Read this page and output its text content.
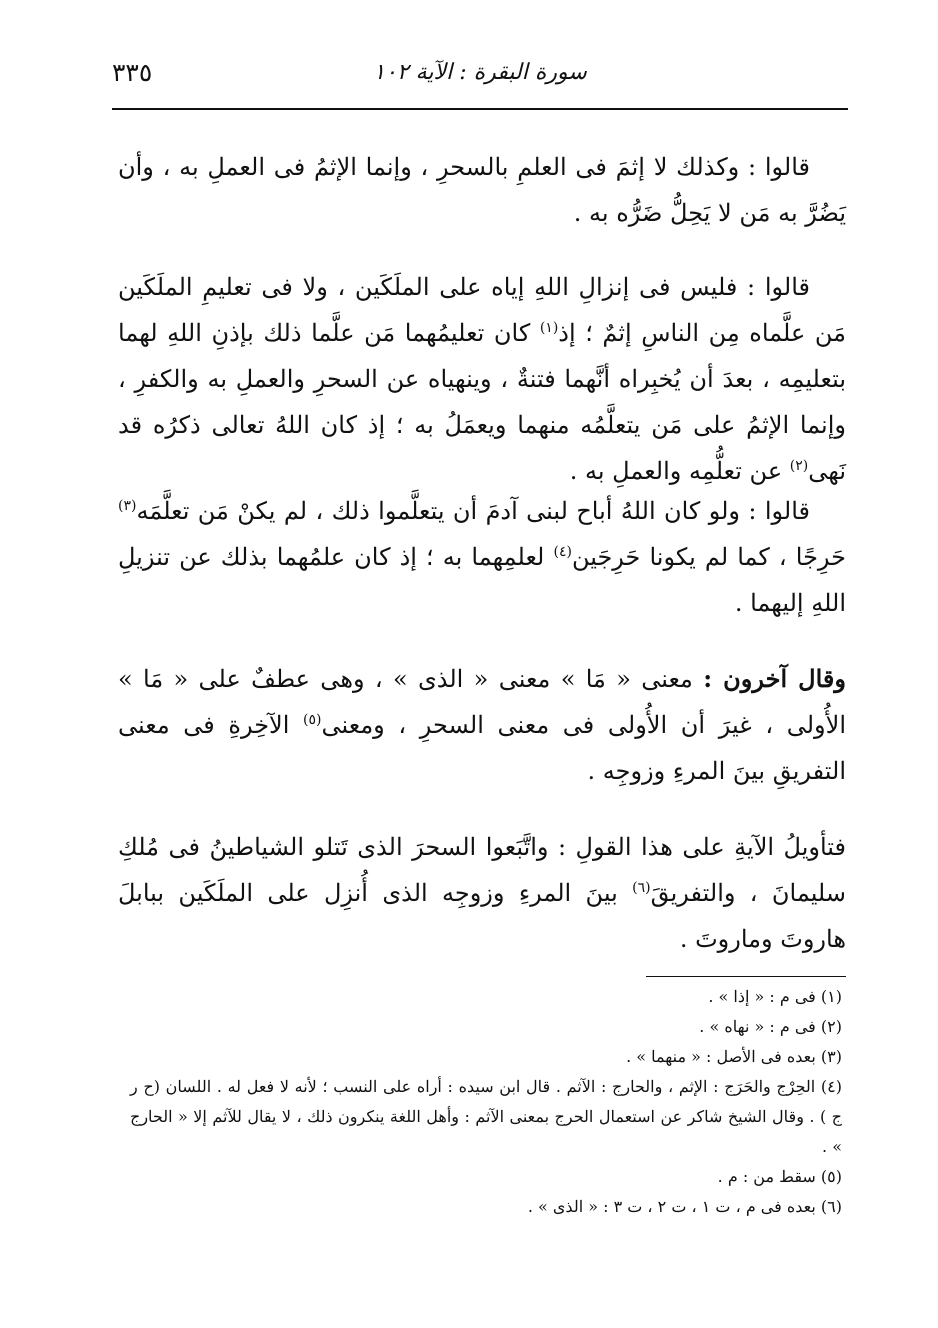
٣٣٥	سورة البقرة : الآية ١٠٢

قالوا : وكذلك لا إثمَ فى العلمِ بالسحرِ ، وإنما الإثمُ فى العملِ به ، وأن يَضُرَّ به مَن لا يَحِلُّ ضَرُّه به .

قالوا : فليس فى إنزالِ اللهِ إياه على الملَكَين ، ولا فى تعليمِ الملَكَين مَن علَّماه مِن الناسِ إثمٌ ؛ إذ$^{(١)}$ كان تعليمُهما مَن علَّما ذلك بإذنِ اللهِ لهما بتعليمِه ، بعدَ أن يُخبِراه أنَّهما فتنةٌ ، وينهياه عن السحرِ والعملِ به والكفرِ ، وإنما الإثمُ على مَن يتعلَّمُه منهما ويعمَلُ به ؛ إذ كان اللهُ تعالى ذكرُه قد نَهى$^{(٢)}$ عن تعلُّمِه والعملِ به .

قالوا : ولو كان اللهُ أباح لبنى آدمَ أن يتعلَّموا ذلك ، لم يكنْ مَن تعلَّمَه$^{(٣)}$ حَرِجًا ، كما لم يكونا حَرِجَين$^{(٤)}$ لعلمِهما به ؛ إذ كان علمُهما بذلك عن تنزيلِ اللهِ إليهما .

وقال آخرون : معنى « مَا » معنى « الذى » ، وهى عطفٌ على « مَا » الأُولى ، غيرَ أن الأُولى فى معنى السحرِ ، ومعنى$^{(٥)}$ الآخِرةِ فى معنى التفريقِ بينَ المرءِ وزوجِه .

فتأويلُ الآيةِ على هذا القولِ : واتَّبَعوا السحرَ الذى تَتلو الشياطينُ فى مُلكِ سليمانَ ، والتفريقَ$^{(٦)}$ بينَ المرءِ وزوجِه الذى أُنزِل على الملَكَين ببابلَ هاروتَ وماروتَ .

(١) فى م : « إذا » .

(٢) فى م : « نهاه » .

(٣) بعده فى الأصل : « منهما » .

(٤) الحِرْج والحَرَج : الإثم ، والحارج : الآثم . قال ابن سيده : أراه على النسب ؛ لأنه لا فعل له . اللسان (ح ر ج ) . وقال الشيخ شاكر عن استعمال الحرج بمعنى الآثم : وأهل اللغة ينكرون ذلك ، لا يقال للآثم إلا « الحارج » .

(٥) سقط من : م .

(٦) بعده فى م ، ت ١ ، ت ٢ ، ت ٣ : « الذى » .
